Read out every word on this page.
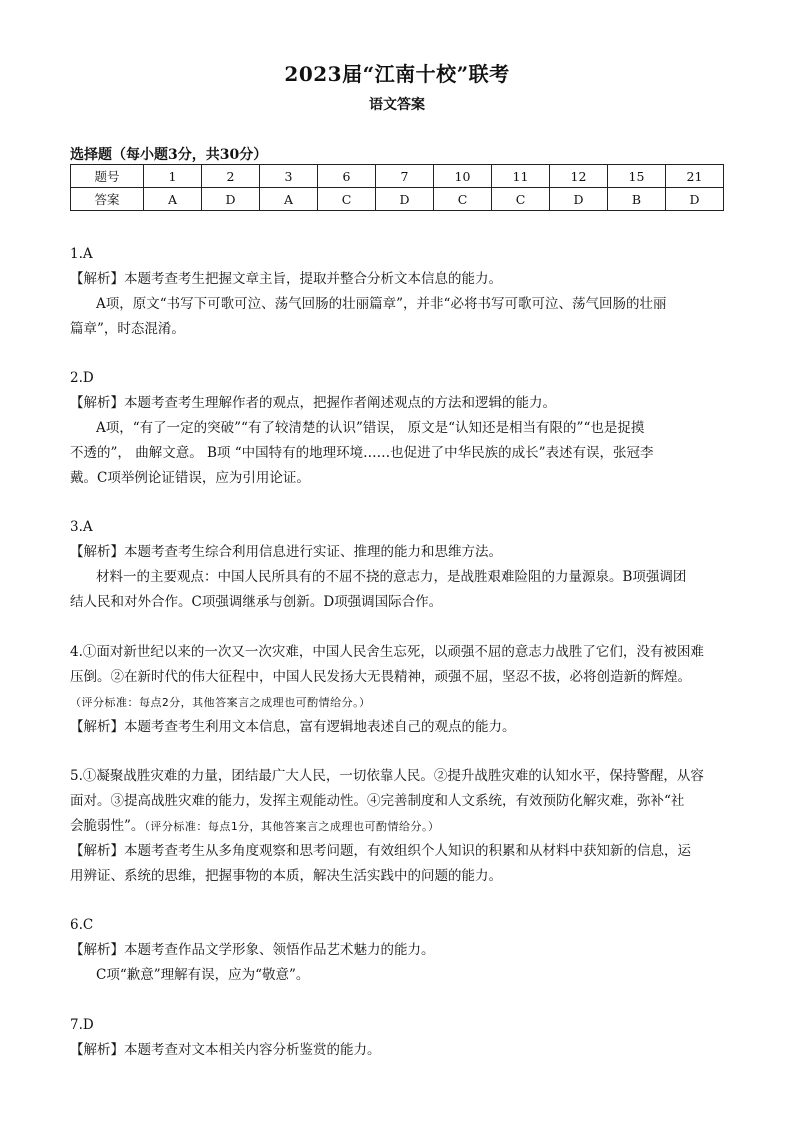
2023届“江南十校”联考
语文答案
选择题（每小题3分，共30分）
题号	1	2	3	6	7	10	11	12	15	21
答案	A	D	A	C	D	C	C	D	B	D

1.A

【解析】本题考查考生把握文章主旨，提取并整合分析文本信息的能力。

A项，原文“书写下可歌可泣、荡气回肠的壮丽篇章”，并非“必将书写可歌可泣、荡气回肠的壮丽

篇章”，时态混淆。

2.D

【解析】本题考查考生理解作者的观点，把握作者阐述观点的方法和逻辑的能力。

A项，“有了一定的突破”“有了较清楚的认识”错误， 原文是“认知还是相当有限的”“也是捉摸

不透的”， 曲解文意。 B项 “中国特有的地理环境……也促进了中华民族的成长”表述有误，张冠李

戴。C项举例论证错误，应为引用论证。

3.A

【解析】本题考查考生综合利用信息进行实证、推理的能力和思维方法。

材料一的主要观点：中国人民所具有的不屈不挠的意志力，是战胜艰难险阻的力量源泉。B项强调团

结人民和对外合作。C项强调继承与创新。D项强调国际合作。

4.①面对新世纪以来的一次又一次灾难，中国人民舍生忘死，以顽强不屈的意志力战胜了它们，没有被困难

压倒。②在新时代的伟大征程中，中国人民发扬大无畏精神，顽强不屈，坚忍不拔，必将创造新的辉煌。

（评分标准：每点2分，其他答案言之成理也可酌情给分。）

【解析】本题考查考生利用文本信息，富有逻辑地表述自己的观点的能力。

5.①凝聚战胜灾难的力量，团结最广大人民，一切依靠人民。②提升战胜灾难的认知水平，保持警醒，从容

面对。③提高战胜灾难的能力，发挥主观能动性。④完善制度和人文系统，有效预防化解灾难，弥补“社

会脆弱性”。（评分标准：每点1分，其他答案言之成理也可酌情给分。）

【解析】本题考查考生从多角度观察和思考问题，有效组织个人知识的积累和从材料中获知新的信息，运

用辨证、系统的思维，把握事物的本质，解决生活实践中的问题的能力。

6.C

【解析】本题考查作品文学形象、领悟作品艺术魅力的能力。

C项“歉意”理解有误，应为“敬意”。

7.D

【解析】本题考查对文本相关内容分析鉴赏的能力。
